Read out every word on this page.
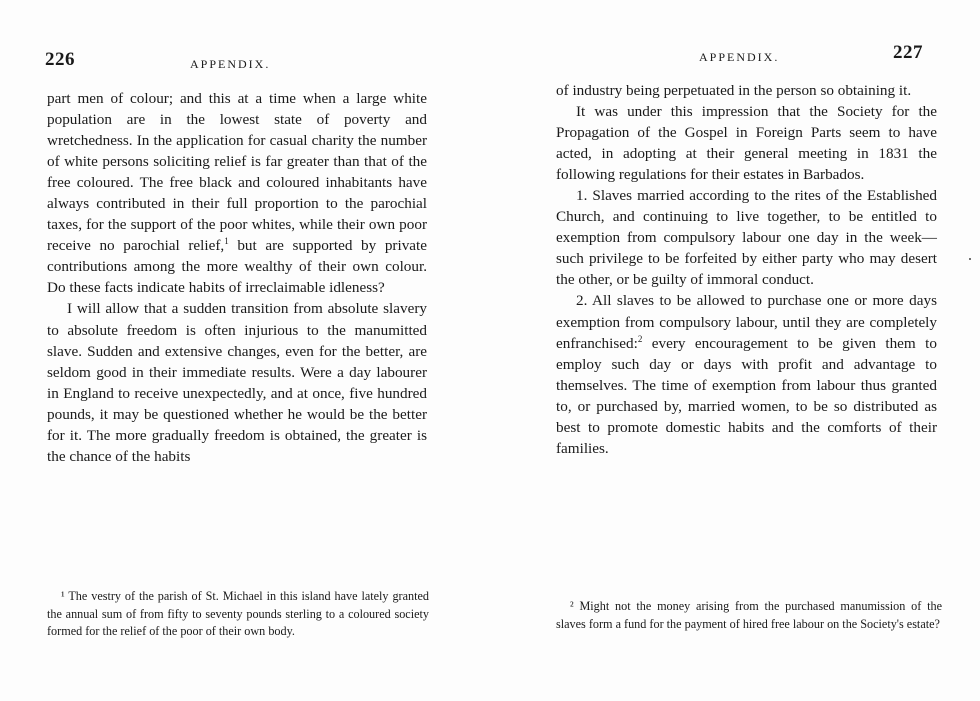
226	APPENDIX.

part men of colour; and this at a time when a large white population are in the lowest state of poverty and wretchedness. In the application for casual charity the number of white persons soliciting relief is far greater than that of the free coloured. The free black and coloured inhabitants have always contributed in their full proportion to the parochial taxes, for the support of the poor whites, while their own poor receive no parochial relief,$^1$ but are supported by private contributions among the more wealthy of their own colour. Do these facts indicate habits of irreclaimable idleness?

I will allow that a sudden transition from absolute slavery to absolute freedom is often injurious to the manumitted slave. Sudden and extensive changes, even for the better, are seldom good in their immediate results. Were a day labourer in England to receive unexpectedly, and at once, five hundred pounds, it may be questioned whether he would be the better for it. The more gradually freedom is obtained, the greater is the chance of the habits

¹ The vestry of the parish of St. Michael in this island have lately granted the annual sum of from fifty to seventy pounds sterling to a coloured society formed for the relief of the poor of their own body.

APPENDIX.	227

of industry being perpetuated in the person so obtaining it.

It was under this impression that the Society for the Propagation of the Gospel in Foreign Parts seem to have acted, in adopting at their general meeting in 1831 the following regulations for their estates in Barbados.

1. Slaves married according to the rites of the Established Church, and continuing to live together, to be entitled to exemption from compulsory labour one day in the week—such privilege to be forfeited by either party who may desert the other, or be guilty of immoral conduct.

2. All slaves to be allowed to purchase one or more days exemption from compulsory labour, until they are completely enfranchised:$^2$ every encouragement to be given them to employ such day or days with profit and advantage to themselves. The time of exemption from labour thus granted to, or purchased by, married women, to be so distributed as best to promote domestic habits and the comforts of their families.

² Might not the money arising from the purchased manumission of the slaves form a fund for the payment of hired free labour on the Society's estate?
